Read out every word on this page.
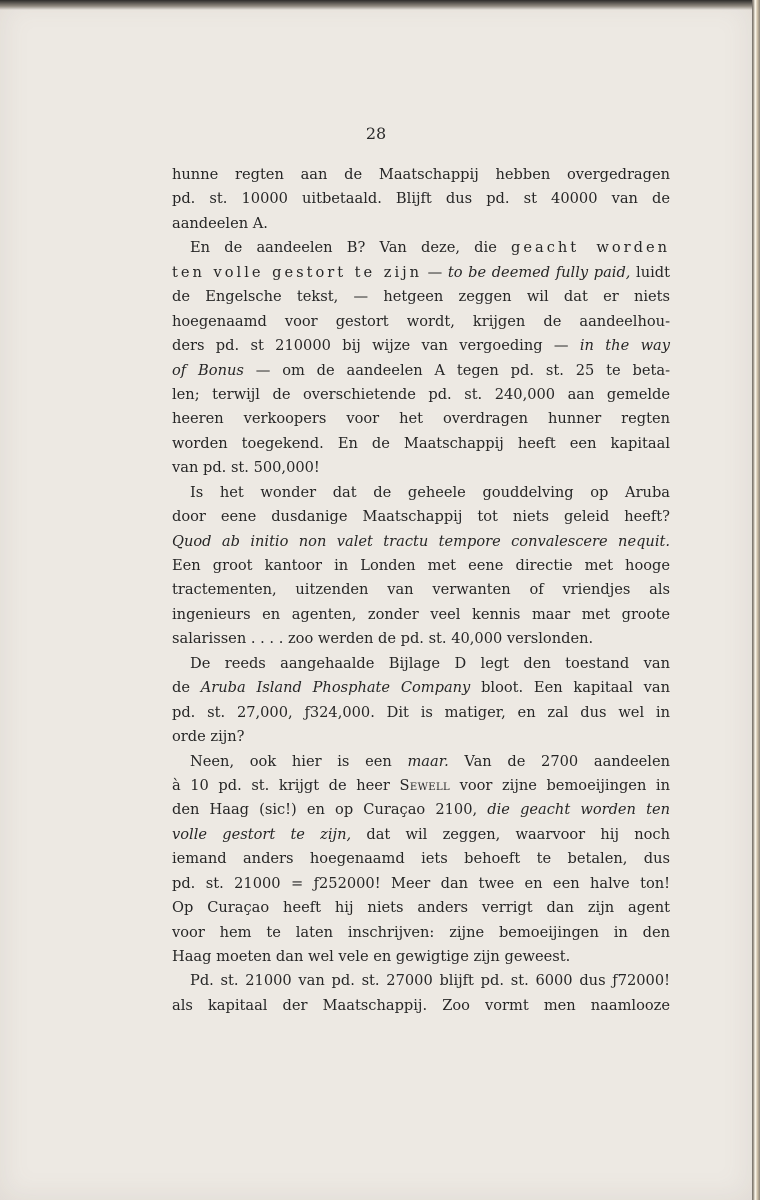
28
hunne regten aan de Maatschappij hebben overgedragen
pd. st. 10000 uitbetaald. Blijft dus pd. st 40000 van de
aandeelen A.
En de aandeelen B? Van deze, die geacht worden
ten volle gestort te zijn — to be deemed fully paid, luidt
de Engelsche tekst, — hetgeen zeggen wil dat er niets
hoegenaamd voor gestort wordt, krijgen de aandeelhou-
ders pd. st 210000 bij wijze van vergoeding — in the way
of Bonus — om de aandeelen A tegen pd. st. 25 te beta-
len; terwijl de overschietende pd. st. 240,000 aan gemelde
heeren verkoopers voor het overdragen hunner regten
worden toegekend. En de Maatschappij heeft een kapitaal
van pd. st. 500,000!
Is het wonder dat de geheele gouddelving op Aruba
door eene dusdanige Maatschappij tot niets geleid heeft?
Quod ab initio non valet tractu tempore convalescere nequit.
Een groot kantoor in Londen met eene directie met hooge
tractementen, uitzenden van verwanten of vriendjes als
ingenieurs en agenten, zonder veel kennis maar met groote
salarissen . . . . zoo werden de pd. st. 40,000 verslonden.
De reeds aangehaalde Bijlage D legt den toestand van
de Aruba Island Phosphate Company bloot. Een kapitaal van
pd. st. 27,000, ƒ324,000. Dit is matiger, en zal dus wel in
orde zijn?
Neen, ook hier is een maar. Van de 2700 aandeelen
à 10 pd. st. krijgt de heer Sewell voor zijne bemoeijingen in
den Haag (sic!) en op Curaçao 2100, die geacht worden ten
volle gestort te zijn, dat wil zeggen, waarvoor hij noch
iemand anders hoegenaamd iets behoeft te betalen, dus
pd. st. 21000 = ƒ252000! Meer dan twee en een halve ton!
Op Curaçao heeft hij niets anders verrigt dan zijn agent
voor hem te laten inschrijven: zijne bemoeijingen in den
Haag moeten dan wel vele en gewigtige zijn geweest.
Pd. st. 21000 van pd. st. 27000 blijft pd. st. 6000 dus ƒ72000!
als kapitaal der Maatschappij. Zoo vormt men naamlooze
